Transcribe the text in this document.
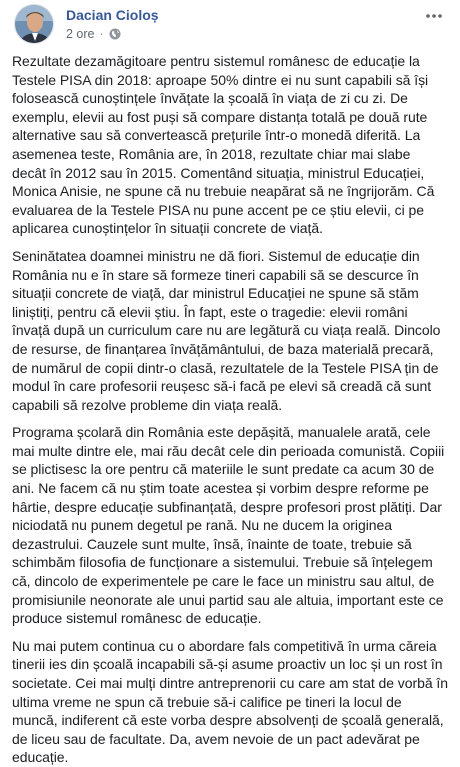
Dacian Cioloș
2 ore ·

Rezultate dezamăgitoare pentru sistemul românesc de educație la Testele PISA din 2018: aproape 50% dintre ei nu sunt capabili să își folosească cunoștințele învățate la școală în viața de zi cu zi. De exemplu, elevii au fost puși să compare distanța totală pe două rute alternative sau să convertească prețurile într-o monedă diferită. La asemenea teste, România are, în 2018, rezultate chiar mai slabe decât în 2012 sau în 2015. Comentând situația, ministrul Educației, Monica Anisie, ne spune că nu trebuie neapărat să ne îngrijorăm. Că evaluarea de la Testele PISA nu pune accent pe ce știu elevii, ci pe aplicarea cunoștințelor în situații concrete de viață.

Seninătatea doamnei ministru ne dă fiori. Sistemul de educație din România nu e în stare să formeze tineri capabili să se descurce în situații concrete de viață, dar ministrul Educației ne spune să stăm liniștiți, pentru că elevii știu. În fapt, este o tragedie: elevii români învață după un curriculum care nu are legătură cu viața reală. Dincolo de resurse, de finanțarea învățământului, de baza materială precară, de numărul de copii dintr-o clasă, rezultatele de la Testele PISA țin de modul în care profesorii reușesc să-i facă pe elevi să creadă că sunt capabili să rezolve probleme din viața reală.

Programa școlară din România este depășită, manualele arată, cele mai multe dintre ele, mai rău decât cele din perioada comunistă. Copiii se plictisesc la ore pentru că materiile le sunt predate ca acum 30 de ani. Ne facem că nu știm toate acestea și vorbim despre reforme pe hârtie, despre educație subfinanțată, despre profesori prost plătiți. Dar niciodată nu punem degetul pe rană. Nu ne ducem la originea dezastrului. Cauzele sunt multe, însă, înainte de toate, trebuie să schimbăm filosofia de funcționare a sistemului. Trebuie să înțelegem că, dincolo de experimentele pe care le face un ministru sau altul, de promisiunile neonorate ale unui partid sau ale altuia, important este ce produce sistemul românesc de educație.

Nu mai putem continua cu o abordare fals competitivă în urma căreia tinerii ies din școală incapabili să-și asume proactiv un loc și un rost în societate. Cei mai mulți dintre antreprenorii cu care am stat de vorbă în ultima vreme ne spun că trebuie să-i califice pe tineri la locul de muncă, indiferent că este vorba despre absolvenți de școală generală, de liceu sau de facultate. Da, avem nevoie de un pact adevărat pe educație.
